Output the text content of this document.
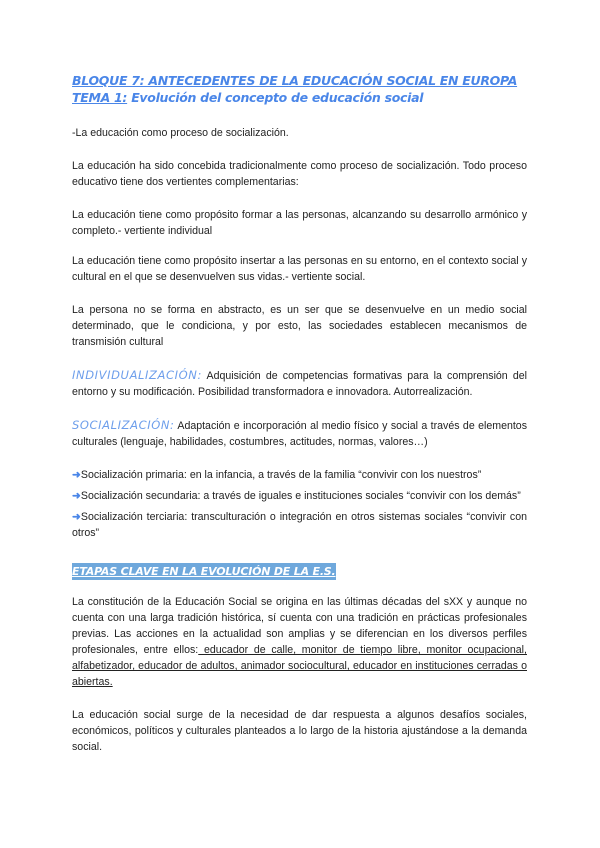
BLOQUE 7: ANTECEDENTES DE LA EDUCACIÓN SOCIAL EN EUROPA
TEMA 1: Evolución del concepto de educación social

-La educación como proceso de socialización.

La educación ha sido concebida tradicionalmente como proceso de socialización. Todo proceso educativo tiene dos vertientes complementarias:

La educación tiene como propósito formar a las personas, alcanzando su desarrollo armónico y completo.- vertiente individual

La educación tiene como propósito insertar a las personas en su entorno, en el contexto social y cultural en el que se desenvuelven sus vidas.- vertiente social.

La persona no se forma en abstracto, es un ser que se desenvuelve en un medio social determinado, que le condiciona, y por esto, las sociedades establecen mecanismos de transmisión cultural

INDIVIDUALIZACIÓN: Adquisición de competencias formativas para la comprensión del entorno y su modificación. Posibilidad transformadora e innovadora. Autorrealización.

SOCIALIZACIÓN: Adaptación e incorporación al medio físico y social a través de elementos culturales (lenguaje, habilidades, costumbres, actitudes, normas, valores…)

➜Socialización primaria: en la infancia, a través de la familia “convivir con los nuestros”

➜Socialización secundaria: a través de iguales e instituciones sociales “convivir con los demás”

➜Socialización terciaria: transculturación o integración en otros sistemas sociales “convivir con otros”

ETAPAS CLAVE EN LA EVOLUCIÓN DE LA E.S.

La constitución de la Educación Social se origina en las últimas décadas del sXX y aunque no cuenta con una larga tradición histórica, sí cuenta con una tradición en prácticas profesionales previas. Las acciones en la actualidad son amplias y se diferencian en los diversos perfiles profesionales, entre ellos: educador de calle, monitor de tiempo libre, monitor ocupacional, alfabetizador, educador de adultos, animador sociocultural, educador en instituciones cerradas o abiertas.

La educación social surge de la necesidad de dar respuesta a algunos desafíos sociales, económicos, políticos y culturales planteados a lo largo de la historia ajustándose a la demanda social.
